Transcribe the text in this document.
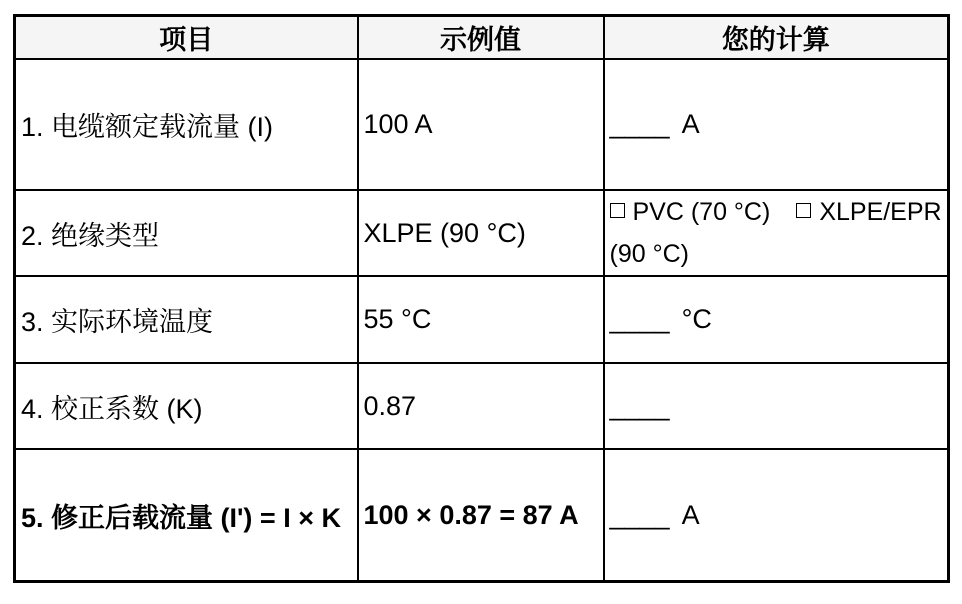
项目	示例值	您的计算
1. 电缆额定载流量 (I)	100 A	____ A
2. 绝缘类型	XLPE (90 °C)	PVC (70 °C) XLPE/EPR (90 °C)
3. 实际环境温度	55 °C	____ °C
4. 校正系数 (K)	0.87	____
5. 修正后载流量 (I') = I × K	100 × 0.87 = 87 A	____ A
